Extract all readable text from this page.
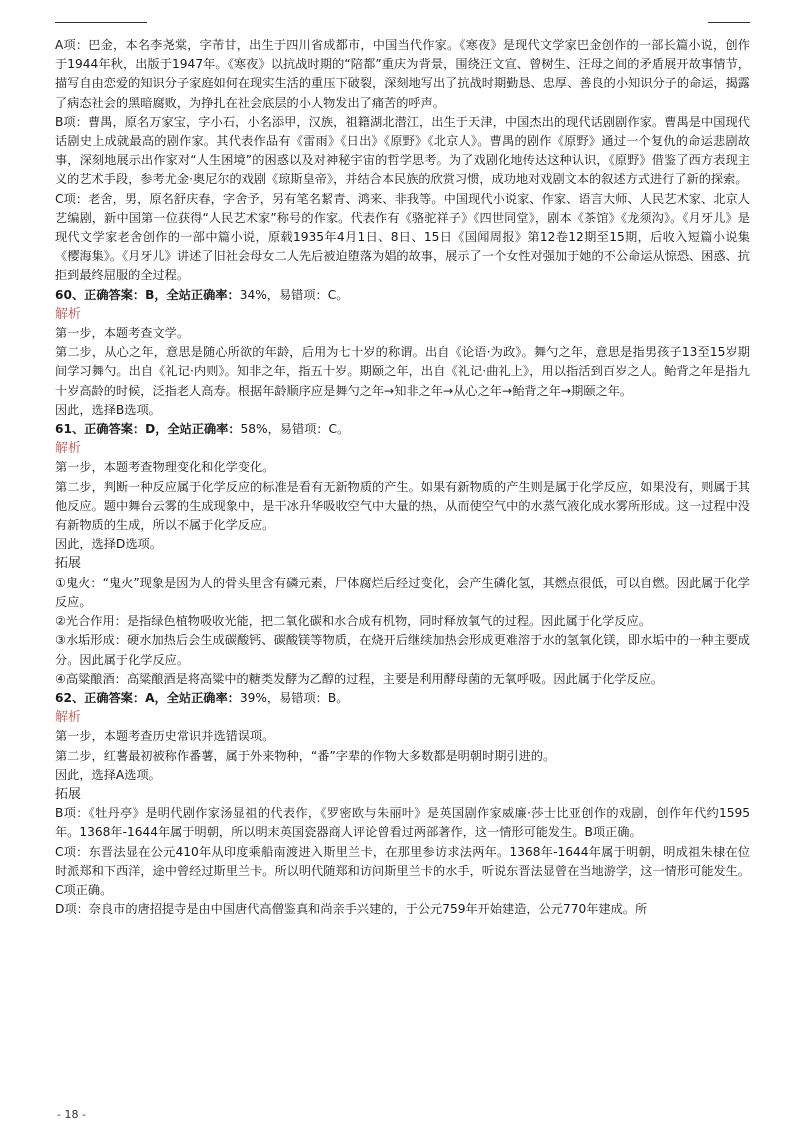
A项：巴金，本名李尧棠，字芾甘，出生于四川省成都市，中国当代作家。《寒夜》是现代文学家巴金创作的一部长篇小说，创作于1944年秋，出版于1947年。《寒夜》以抗战时期的“陪都”重庆为背景，围绕汪文宣、曾树生、汪母之间的矛盾展开故事情节，描写自由恋爱的知识分子家庭如何在现实生活的重压下破裂，深刻地写出了抗战时期勤恳、忠厚、善良的小知识分子的命运，揭露了病态社会的黑暗腐败，为挣扎在社会底层的小人物发出了痛苦的呼声。

B项：曹禺，原名万家宝，字小石，小名添甲，汉族，祖籍湖北潜江，出生于天津，中国杰出的现代话剧剧作家。曹禺是中国现代话剧史上成就最高的剧作家。其代表作品有《雷雨》《日出》《原野》《北京人》。曹禺的剧作《原野》通过一个复仇的命运悲剧故事，深刻地展示出作家对“人生困境”的困惑以及对神秘宇宙的哲学思考。为了戏剧化地传达这种认识，《原野》借鉴了西方表现主义的艺术手段，参考尤金·奥尼尔的戏剧《琼斯皇帝》，并结合本民族的欣赏习惯，成功地对戏剧文本的叙述方式进行了新的探索。

C项：老舍，男，原名舒庆春，字舍予，另有笔名絜青、鸿来、非我等。中国现代小说家、作家、语言大师、人民艺术家、北京人艺编剧，新中国第一位获得“人民艺术家”称号的作家。代表作有《骆驼祥子》《四世同堂》，剧本《茶馆》《龙须沟》。《月牙儿》是现代文学家老舍创作的一部中篇小说，原载1935年4月1日、8日、15日《国闻周报》第12卷12期至15期，后收入短篇小说集《樱海集》。《月牙儿》讲述了旧社会母女二人先后被迫堕落为娼的故事，展示了一个女性对强加于她的不公命运从惊恐、困惑、抗拒到最终屈服的全过程。

60、正确答案：B，全站正确率：34%，易错项：C。

解析

第一步，本题考查文学。

第二步，从心之年，意思是随心所欲的年龄，后用为七十岁的称谓。出自《论语·为政》。舞勺之年，意思是指男孩子13至15岁期间学习舞勺。出自《礼记·内则》。知非之年，指五十岁。期颐之年，出自《礼记·曲礼上》，用以指活到百岁之人。鲐背之年是指九十岁高龄的时候，泛指老人高寿。根据年龄顺序应是舞勺之年→知非之年→从心之年→鲐背之年→期颐之年。

因此，选择B选项。

61、正确答案：D，全站正确率：58%，易错项：C。

解析

第一步，本题考查物理变化和化学变化。

第二步，判断一种反应属于化学反应的标准是看有无新物质的产生。如果有新物质的产生则是属于化学反应，如果没有，则属于其他反应。题中舞台云雾的生成现象中，是干冰升华吸收空气中大量的热，从而使空气中的水蒸气液化成水雾所形成。这一过程中没有新物质的生成，所以不属于化学反应。

因此，选择D选项。

拓展

①鬼火：“鬼火”现象是因为人的骨头里含有磷元素，尸体腐烂后经过变化，会产生磷化氢，其燃点很低，可以自燃。因此属于化学反应。

②光合作用：是指绿色植物吸收光能，把二氧化碳和水合成有机物，同时释放氧气的过程。因此属于化学反应。

③水垢形成：硬水加热后会生成碳酸钙、碳酸镁等物质，在烧开后继续加热会形成更难溶于水的氢氧化镁，即水垢中的一种主要成分。因此属于化学反应。

④高粱酿酒：高粱酿酒是将高粱中的糖类发酵为乙醇的过程，主要是利用酵母菌的无氧呼吸。因此属于化学反应。

62、正确答案：A，全站正确率：39%，易错项：B。

解析

第一步，本题考查历史常识并选错误项。

第二步，红薯最初被称作番薯，属于外来物种，“番”字辈的作物大多数都是明朝时期引进的。

因此，选择A选项。

拓展

B项：《牡丹亭》是明代剧作家汤显祖的代表作，《罗密欧与朱丽叶》是英国剧作家威廉·莎士比亚创作的戏剧，创作年代约1595年。1368年-1644年属于明朝，所以明末英国瓷器商人评论曾看过两部著作，这一情形可能发生。B项正确。

C项：东晋法显在公元410年从印度乘船南渡进入斯里兰卡，在那里参访求法两年。1368年-1644年属于明朝，明成祖朱棣在位时派郑和下西洋，途中曾经过斯里兰卡。所以明代随郑和访问斯里兰卡的水手，听说东晋法显曾在当地游学，这一情形可能发生。C项正确。

D项：奈良市的唐招提寺是由中国唐代高僧鉴真和尚亲手兴建的，于公元759年开始建造，公元770年建成。所

- 18 -
